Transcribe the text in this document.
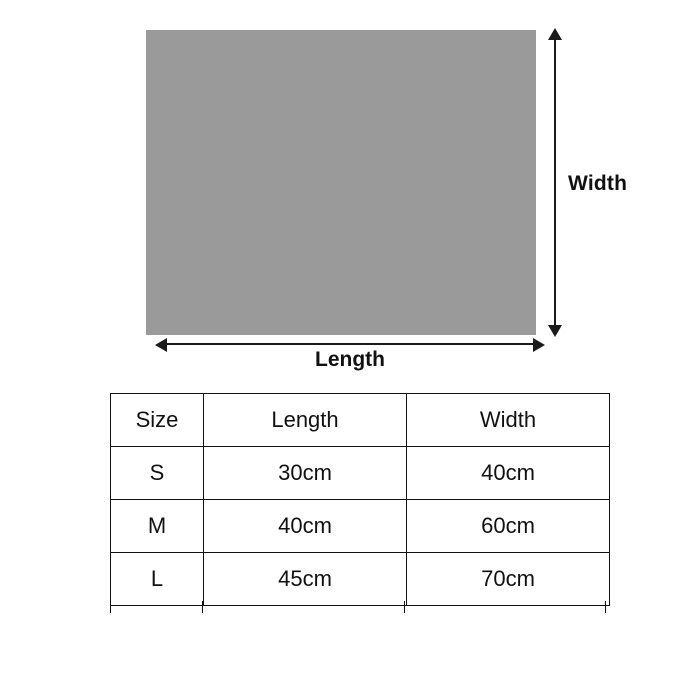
Width
Length
Size	Length	Width
S	30cm	40cm
M	40cm	60cm
L	45cm	70cm
